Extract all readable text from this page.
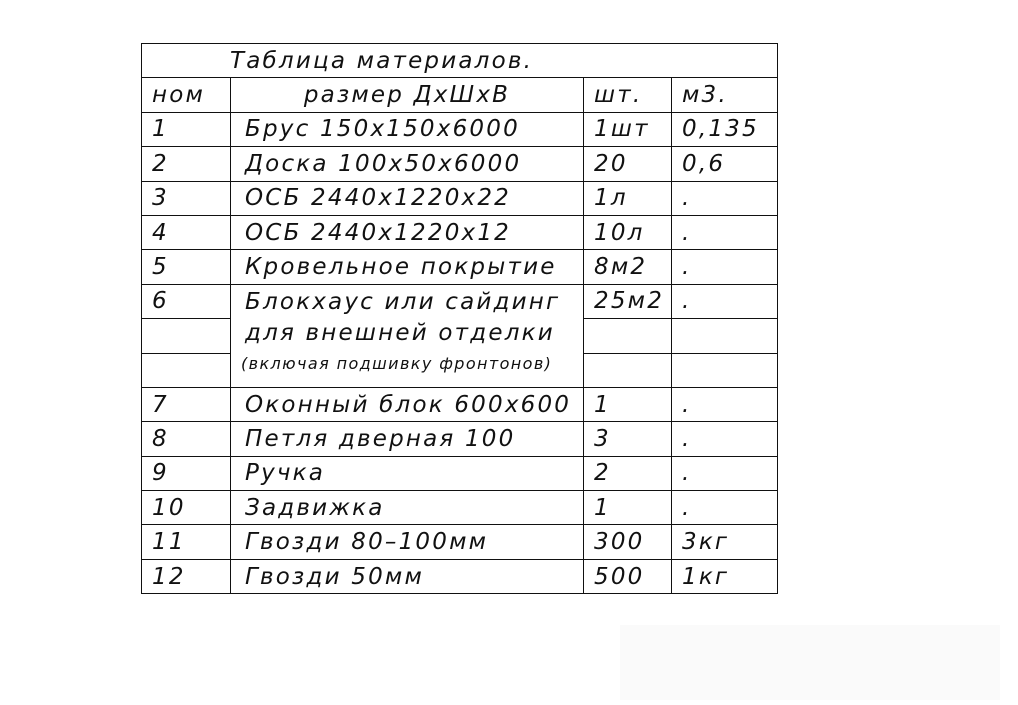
Таблица материалов.			
ном	размер ДхШхВ	шт.	м3.
1	Брус 150х150х6000	1шт	0,135
2	Доска 100х50х6000	20	0,6
3	ОСБ 2440х1220х22	1л	.
4	ОСБ 2440х1220х12	10л	.
5	Кровельное покрытие	8м2	.
6	Блокхаус или сайдинг
для внешней отделки
(включая подшивку фронтонов)	25м2	.

7	Оконный блок 600х600	1	.
8	Петля дверная 100	3	.
9	Ручка	2	.
10	Задвижка	1	.
11	Гвозди 80–100мм	300	3кг
12	Гвозди 50мм	500	1кг
